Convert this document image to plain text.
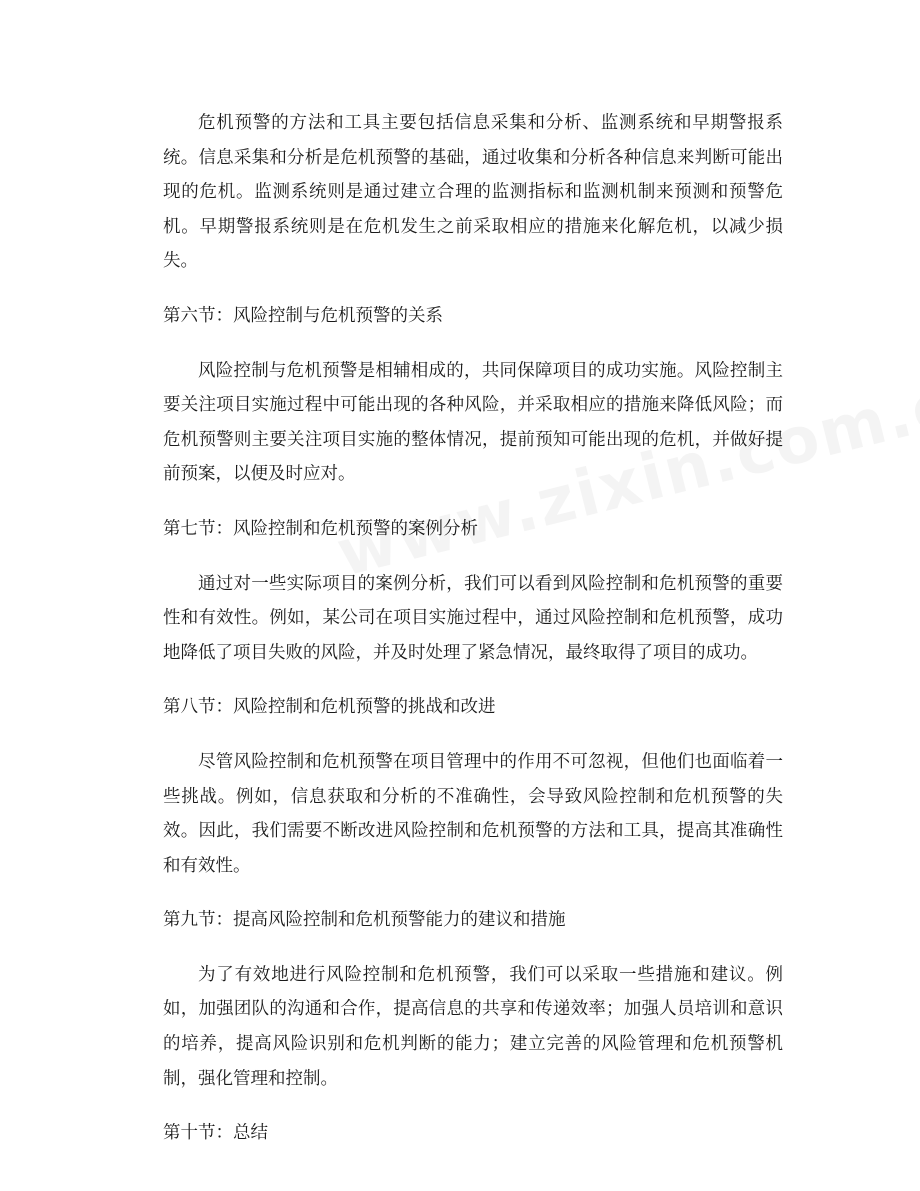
危机预警的方法和工具主要包括信息采集和分析、监测系统和早期警报系统。信息采集和分析是危机预警的基础，通过收集和分析各种信息来判断可能出现的危机。监测系统则是通过建立合理的监测指标和监测机制来预测和预警危机。早期警报系统则是在危机发生之前采取相应的措施来化解危机，以减少损失。

第六节：风险控制与危机预警的关系

风险控制与危机预警是相辅相成的，共同保障项目的成功实施。风险控制主要关注项目实施过程中可能出现的各种风险，并采取相应的措施来降低风险；而危机预警则主要关注项目实施的整体情况，提前预知可能出现的危机，并做好提前预案，以便及时应对。

第七节：风险控制和危机预警的案例分析

通过对一些实际项目的案例分析，我们可以看到风险控制和危机预警的重要性和有效性。例如，某公司在项目实施过程中，通过风险控制和危机预警，成功地降低了项目失败的风险，并及时处理了紧急情况，最终取得了项目的成功。

第八节：风险控制和危机预警的挑战和改进

尽管风险控制和危机预警在项目管理中的作用不可忽视，但他们也面临着一些挑战。例如，信息获取和分析的不准确性，会导致风险控制和危机预警的失效。因此，我们需要不断改进风险控制和危机预警的方法和工具，提高其准确性和有效性。

第九节：提高风险控制和危机预警能力的建议和措施

为了有效地进行风险控制和危机预警，我们可以采取一些措施和建议。例如，加强团队的沟通和合作，提高信息的共享和传递效率；加强人员培训和意识的培养，提高风险识别和危机判断的能力；建立完善的风险管理和危机预警机制，强化管理和控制。

第十节：总结
